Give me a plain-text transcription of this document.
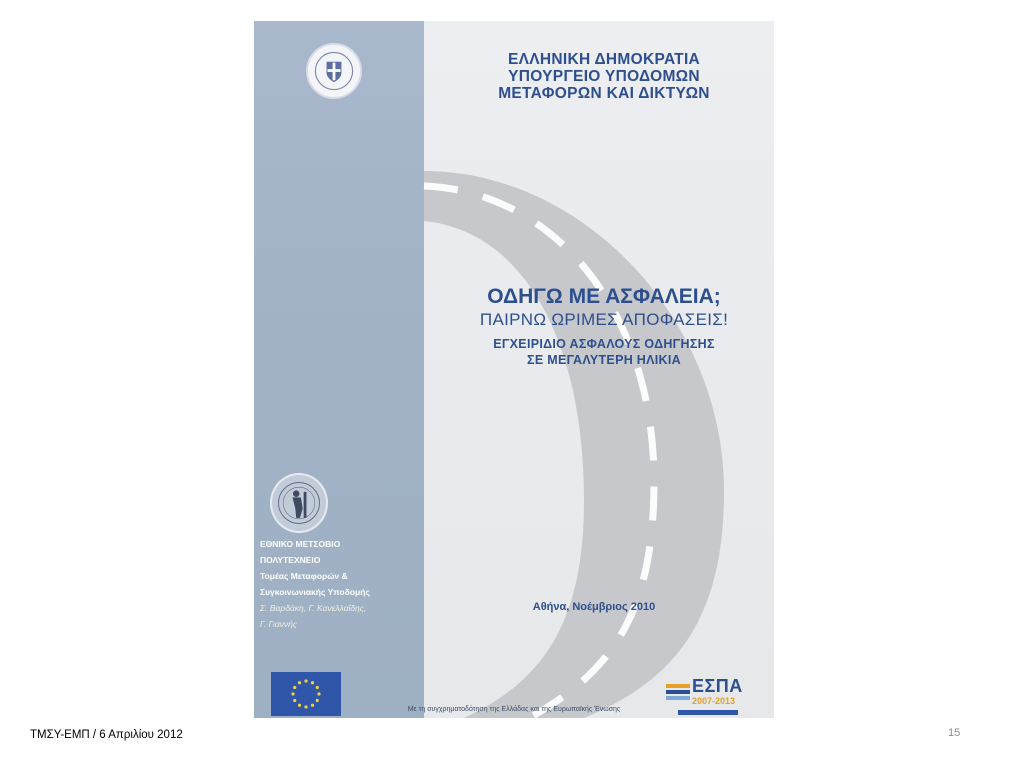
ΕΛΛΗΝΙΚΗ ΔΗΜΟΚΡΑΤΙΑ
ΥΠΟΥΡΓΕΙΟ ΥΠΟΔΟΜΩΝ
ΜΕΤΑΦΟΡΩΝ ΚΑΙ ΔΙΚΤΥΩΝ
ΟΔΗΓΩ ΜΕ ΑΣΦΑΛΕΙΑ;
ΠΑΙΡΝΩ ΩΡΙΜΕΣ ΑΠΟΦΑΣΕΙΣ!
ΕΓΧΕΙΡΙΔΙΟ ΑΣΦΑΛΟΥΣ ΟΔΗΓΗΣΗΣ
ΣΕ ΜΕΓΑΛΥΤΕΡΗ ΗΛΙΚΙΑ
ΕΘΝΙΚΟ ΜΕΤΣΟΒΙΟ
ΠΟΛΥΤΕΧΝΕΙΟ
Τομέας Μεταφορών &
Συγκοινωνιακής Υποδομής
Σ. Βαρδάκη, Γ. Κανελλαΐδης,
Γ. Γιαννής
Αθήνα, Νοέμβριος 2010
Με τη συγχρηματοδότηση της Ελλάδας και της Ευρωπαϊκής Ένωσης
ΕΣΠΑ
2007-2013
ΤΜΣΥ-ΕΜΠ / 6 Απριλίου 2012	15
